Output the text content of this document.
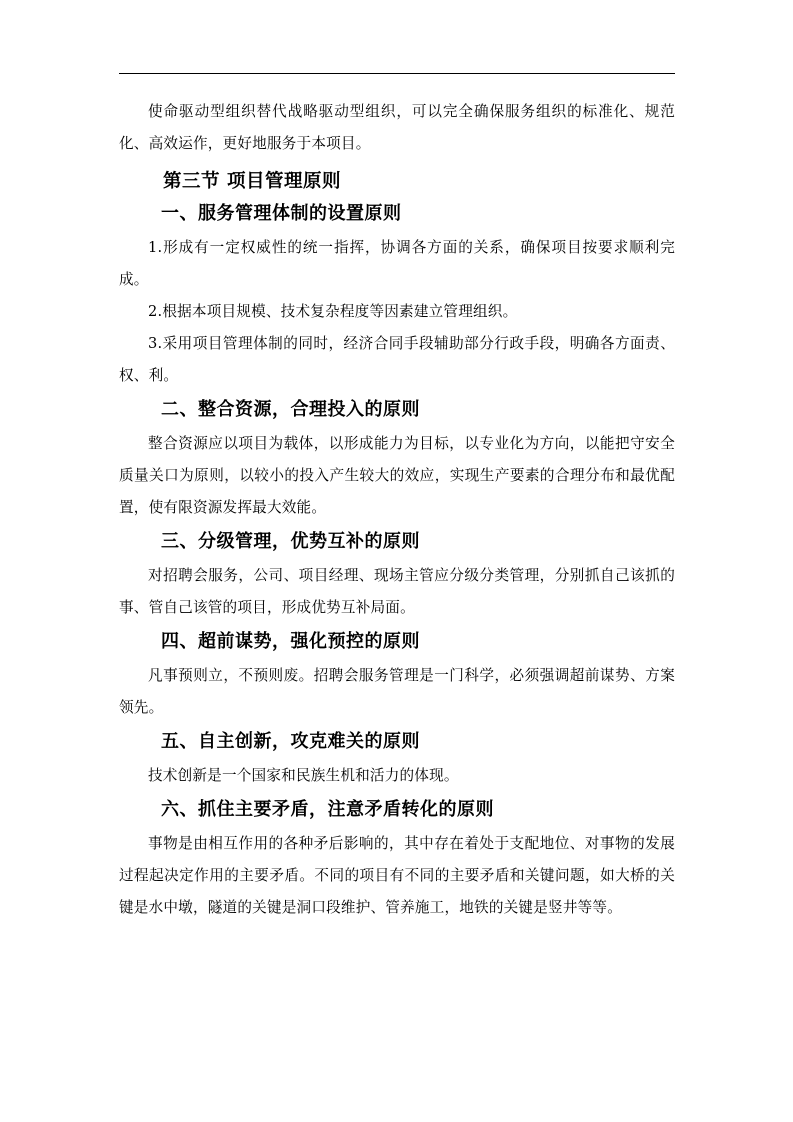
使命驱动型组织替代战略驱动型组织，可以完全确保服务组织的标准化、规范化、高效运作，更好地服务于本项目。

第三节 项目管理原则
一、服务管理体制的设置原则

1.形成有一定权威性的统一指挥，协调各方面的关系，确保项目按要求顺利完成。

2.根据本项目规模、技术复杂程度等因素建立管理组织。

3.采用项目管理体制的同时，经济合同手段辅助部分行政手段，明确各方面责、权、利。

二、整合资源，合理投入的原则

整合资源应以项目为载体，以形成能力为目标，以专业化为方向，以能把守安全质量关口为原则，以较小的投入产生较大的效应，实现生产要素的合理分布和最优配置，使有限资源发挥最大效能。

三、分级管理，优势互补的原则

对招聘会服务，公司、项目经理、现场主管应分级分类管理，分别抓自己该抓的事、管自己该管的项目，形成优势互补局面。

四、超前谋势，强化预控的原则

凡事预则立，不预则废。招聘会服务管理是一门科学，必须强调超前谋势、方案领先。

五、自主创新，攻克难关的原则

技术创新是一个国家和民族生机和活力的体现。

六、抓住主要矛盾，注意矛盾转化的原则

事物是由相互作用的各种矛后影响的，其中存在着处于支配地位、对事物的发展过程起决定作用的主要矛盾。不同的项目有不同的主要矛盾和关键问题，如大桥的关键是水中墩，隧道的关键是洞口段维护、管养施工，地铁的关键是竖井等等。
